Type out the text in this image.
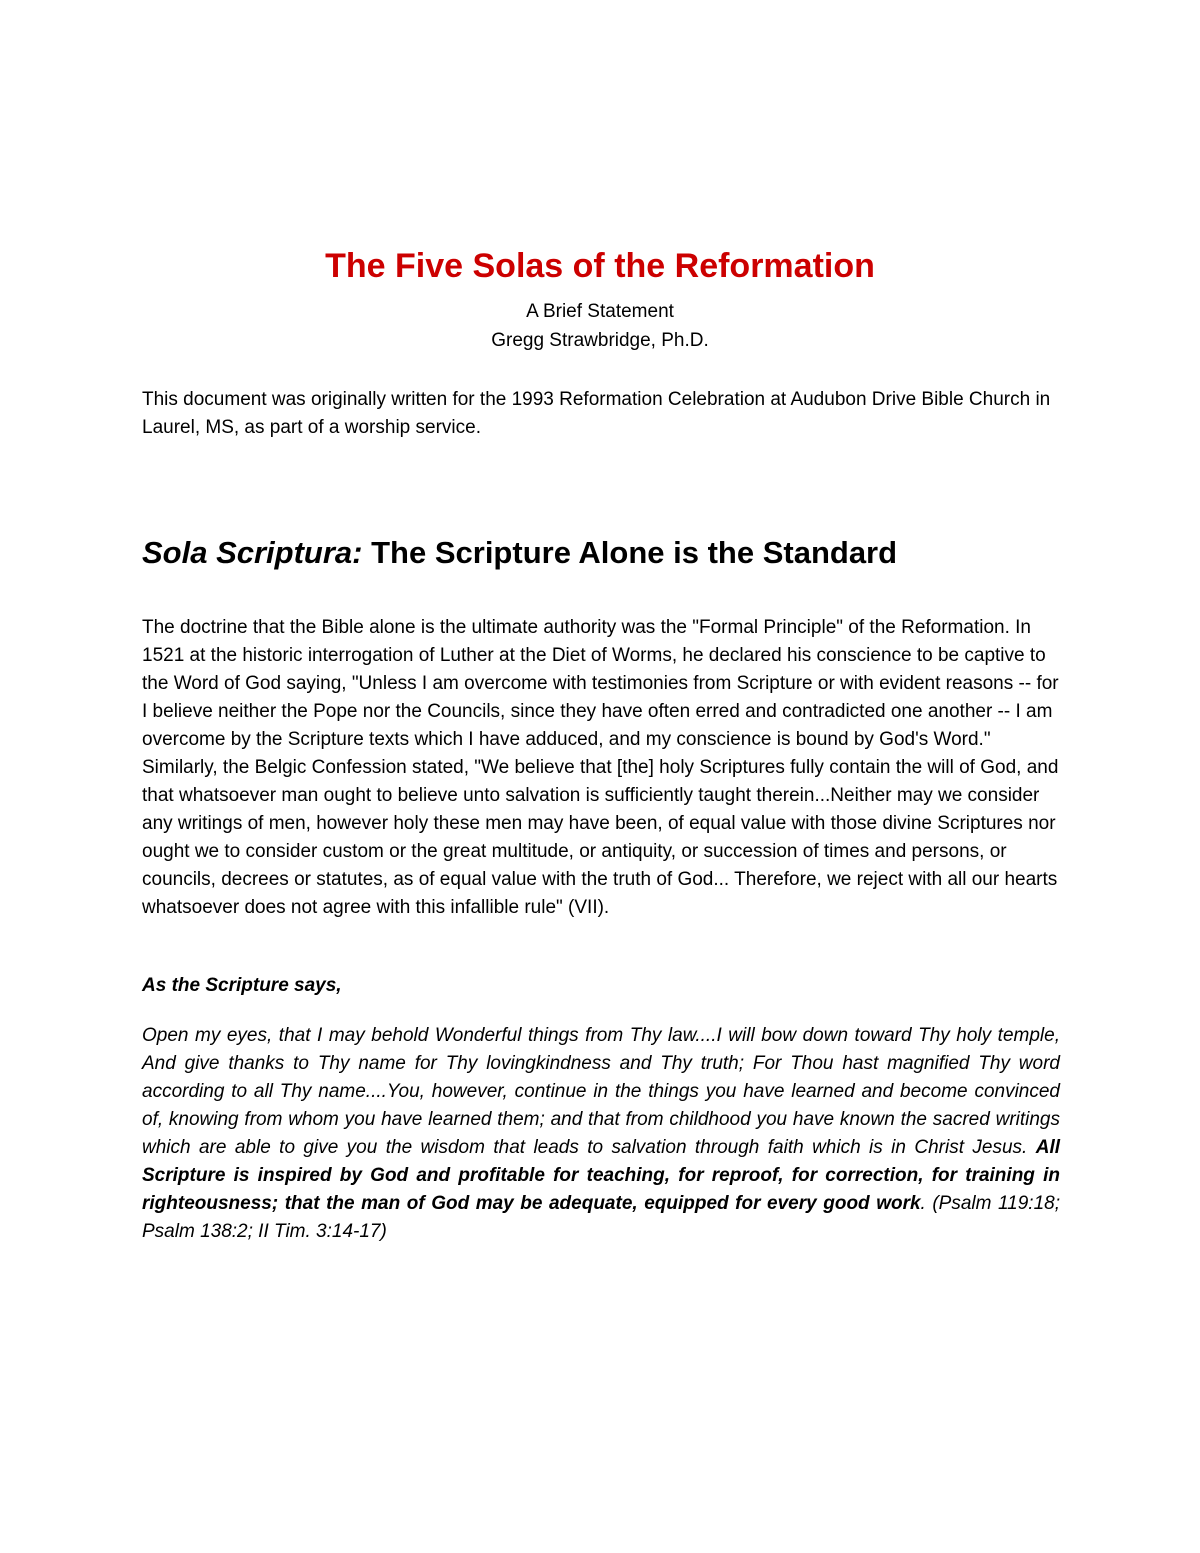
The Five Solas of the Reformation

A Brief Statement

Gregg Strawbridge, Ph.D.

This document was originally written for the 1993 Reformation Celebration at Audubon Drive Bible Church in Laurel, MS, as part of a worship service.

Sola Scriptura: The Scripture Alone is the Standard

The doctrine that the Bible alone is the ultimate authority was the "Formal Principle" of the Reformation. In 1521 at the historic interrogation of Luther at the Diet of Worms, he declared his conscience to be captive to the Word of God saying, "Unless I am overcome with testimonies from Scripture or with evident reasons -- for I believe neither the Pope nor the Councils, since they have often erred and contradicted one another -- I am overcome by the Scripture texts which I have adduced, and my conscience is bound by God's Word." Similarly, the Belgic Confession stated, "We believe that [the] holy Scriptures fully contain the will of God, and that whatsoever man ought to believe unto salvation is sufficiently taught therein...Neither may we consider any writings of men, however holy these men may have been, of equal value with those divine Scriptures nor ought we to consider custom or the great multitude, or antiquity, or succession of times and persons, or councils, decrees or statutes, as of equal value with the truth of God... Therefore, we reject with all our hearts whatsoever does not agree with this infallible rule" (VII).

As the Scripture says,

Open my eyes, that I may behold Wonderful things from Thy law....I will bow down toward Thy holy temple, And give thanks to Thy name for Thy lovingkindness and Thy truth; For Thou hast magnified Thy word according to all Thy name....You, however, continue in the things you have learned and become convinced of, knowing from whom you have learned them; and that from childhood you have known the sacred writings which are able to give you the wisdom that leads to salvation through faith which is in Christ Jesus. All Scripture is inspired by God and profitable for teaching, for reproof, for correction, for training in righteousness; that the man of God may be adequate, equipped for every good work. (Psalm 119:18; Psalm 138:2; II Tim. 3:14-17)
